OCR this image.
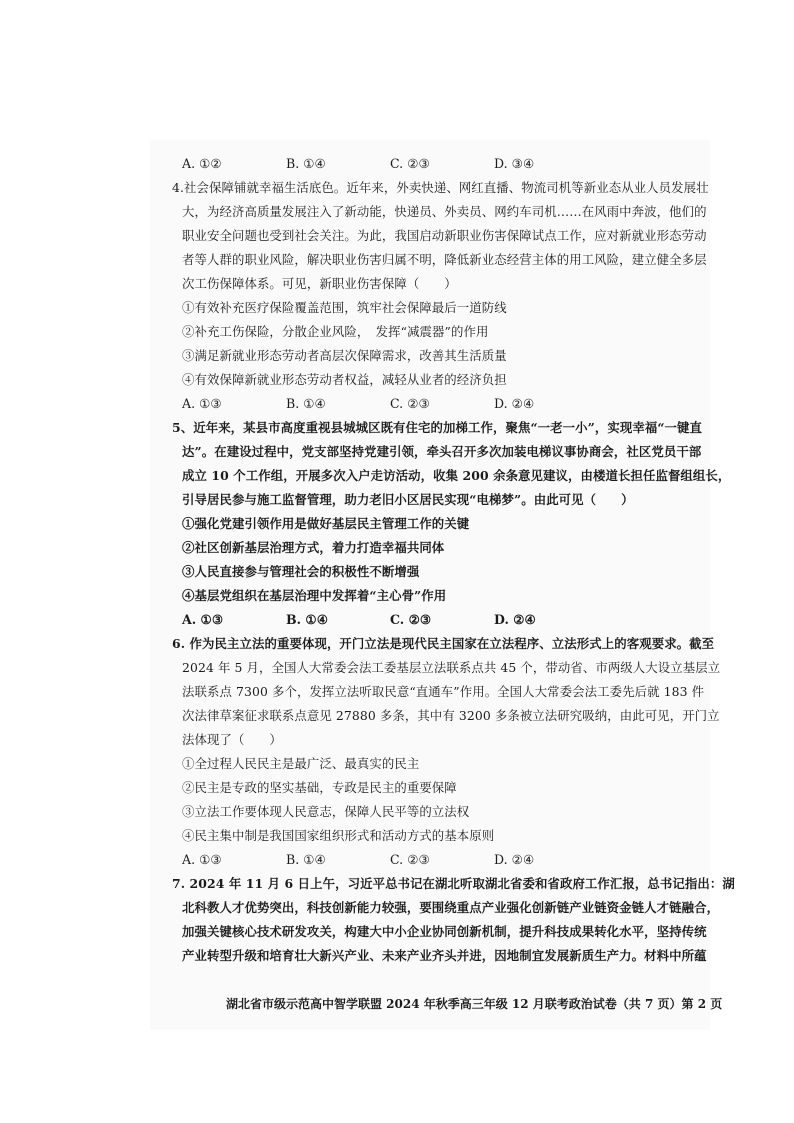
A. ①②	B. ①④	C. ②③	D. ③④
4.社会保障铺就幸福生活底色。近年来，外卖快递、网红直播、物流司机等新业态从业人员发展壮
大，为经济高质量发展注入了新动能，快递员、外卖员、网约车司机……在风雨中奔波，他们的
职业安全问题也受到社会关注。为此，我国启动新职业伤害保障试点工作，应对新就业形态劳动
者等人群的职业风险，解决职业伤害归属不明，降低新业态经营主体的用工风险，建立健全多层
次工伤保障体系。可见，新职业伤害保障（　　）
①有效补充医疗保险覆盖范围，筑牢社会保障最后一道防线
②补充工伤保险，分散企业风险，　发挥“减震器”的作用
③满足新就业形态劳动者高层次保障需求，改善其生活质量
④有效保障新就业形态劳动者权益，减轻从业者的经济负担
A. ①③	B. ①④	C. ②③	D. ②④
5、近年来，某县市高度重视县城城区既有住宅的加梯工作，聚焦“一老一小”，实现幸福“一键直
达”。在建设过程中，党支部坚持党建引领，牵头召开多次加装电梯议事协商会，社区党员干部
成立 10 个工作组，开展多次入户走访活动，收集 200 余条意见建议，由楼道长担任监督组组长，
引导居民参与施工监督管理，助力老旧小区居民实现“电梯梦”。由此可见（　　）
①强化党建引领作用是做好基层民主管理工作的关键
②社区创新基层治理方式，着力打造幸福共同体
③人民直接参与管理社会的积极性不断增强
④基层党组织在基层治理中发挥着“主心骨”作用
A. ①③	B. ①④	C. ②③	D. ②④
6. 作为民主立法的重要体现，开门立法是现代民主国家在立法程序、立法形式上的客观要求。截至
2024 年 5 月，全国人大常委会法工委基层立法联系点共 45 个，带动省、市两级人大设立基层立
法联系点 7300 多个，发挥立法听取民意“直通车”作用。全国人大常委会法工委先后就 183 件
次法律草案征求联系点意见 27880 多条，其中有 3200 多条被立法研究吸纳，由此可见，开门立
法体现了（　　）
①全过程人民民主是最广泛、最真实的民主
②民主是专政的坚实基础，专政是民主的重要保障
③立法工作要体现人民意志，保障人民平等的立法权
④民主集中制是我国国家组织形式和活动方式的基本原则
A. ①③	B. ①④	C. ②③	D. ②④
7. 2024 年 11 月 6 日上午，习近平总书记在湖北听取湖北省委和省政府工作汇报，总书记指出：湖
北科教人才优势突出，科技创新能力较强，要围绕重点产业强化创新链产业链资金链人才链融合，
加强关键核心技术研发攻关，构建大中小企业协同创新机制，提升科技成果转化水平，坚持传统
产业转型升级和培育壮大新兴产业、未来产业齐头并进，因地制宜发展新质生产力。材料中所蕴
湖北省市级示范高中智学联盟 2024 年秋季高三年级 12 月联考政治试卷（共 7 页）第 2 页
